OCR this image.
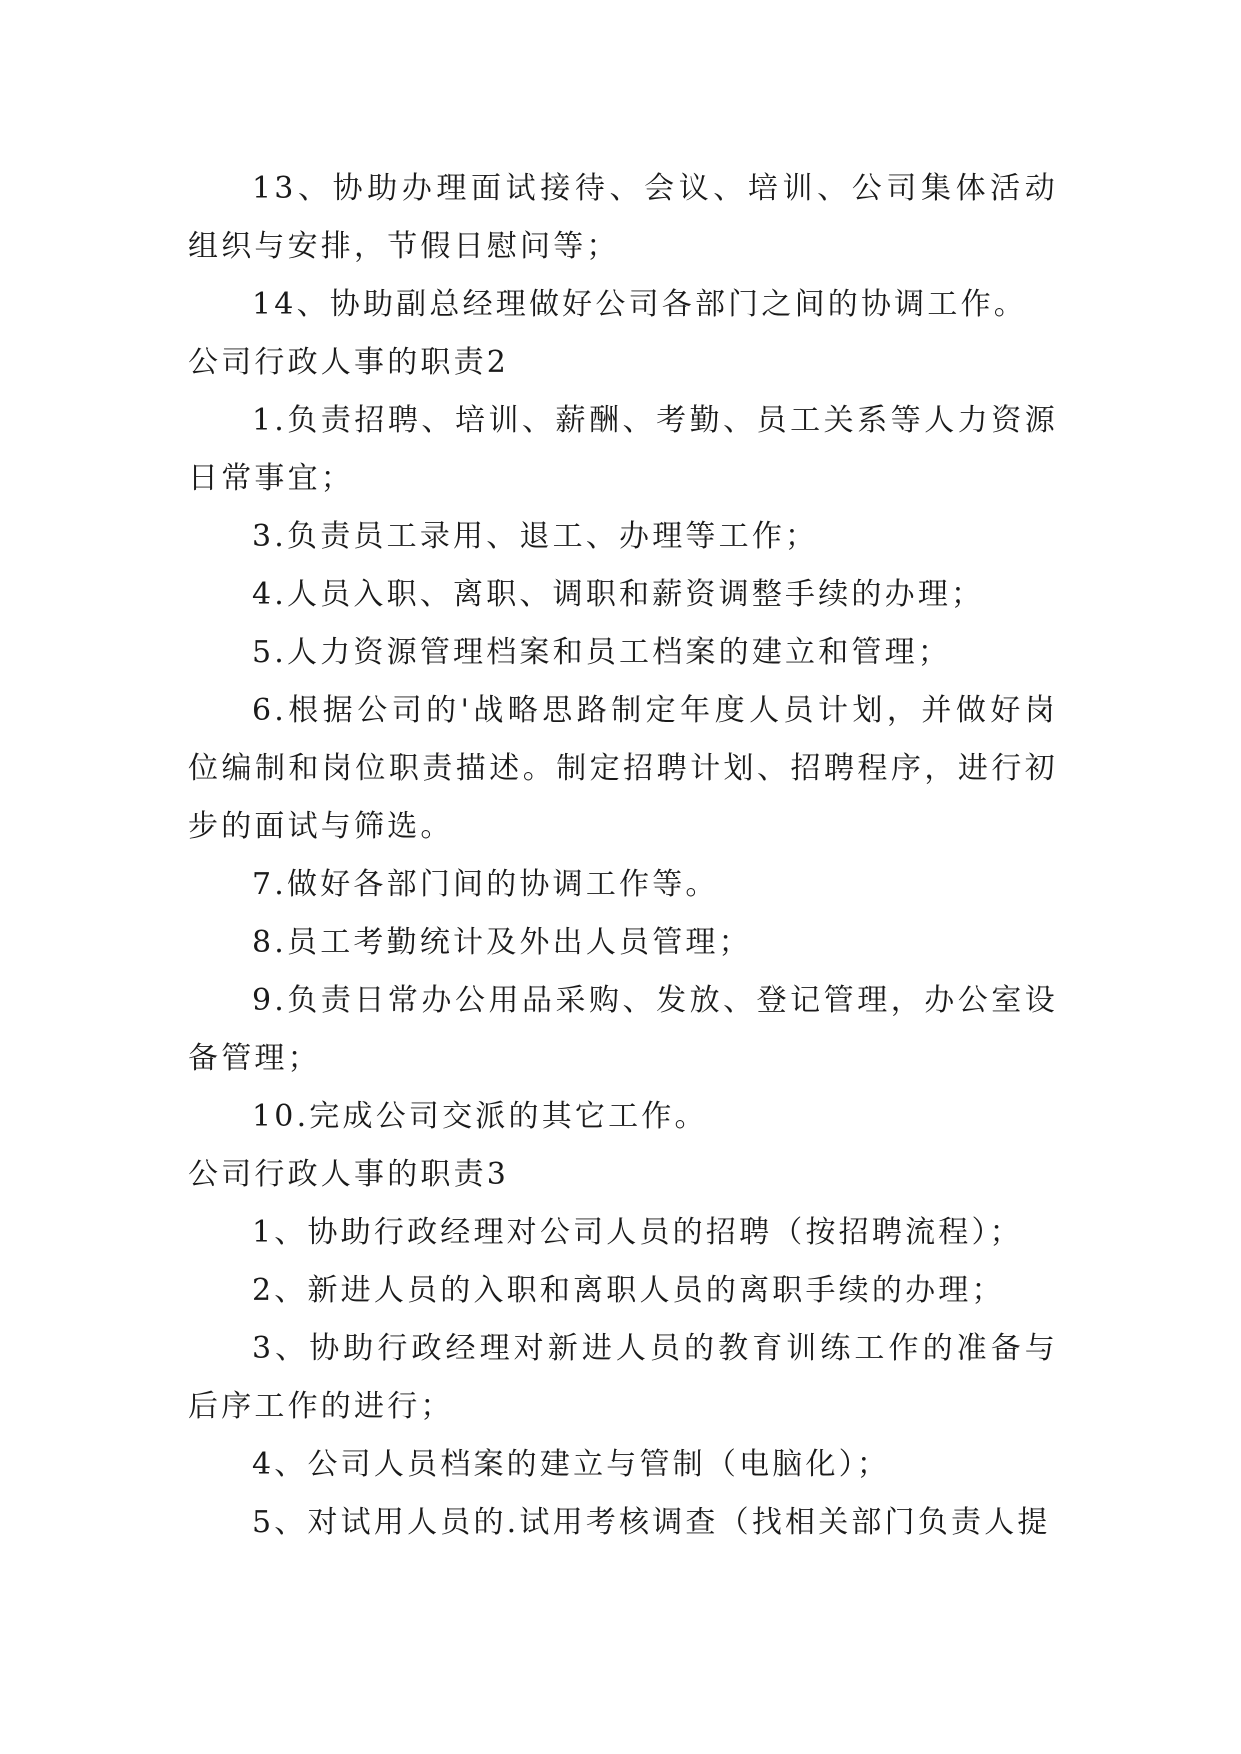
13、协助办理面试接待、会议、培训、公司集体活动组织与安排，节假日慰问等；

14、协助副总经理做好公司各部门之间的协调工作。

公司行政人事的职责2

1.负责招聘、培训、薪酬、考勤、员工关系等人力资源日常事宜；

3.负责员工录用、退工、办理等工作；

4.人员入职、离职、调职和薪资调整手续的办理；

5.人力资源管理档案和员工档案的建立和管理；

6.根据公司的'战略思路制定年度人员计划，并做好岗位编制和岗位职责描述。制定招聘计划、招聘程序，进行初步的面试与筛选。

7.做好各部门间的协调工作等。

8.员工考勤统计及外出人员管理；

9.负责日常办公用品采购、发放、登记管理，办公室设备管理；

10.完成公司交派的其它工作。

公司行政人事的职责3

1、协助行政经理对公司人员的招聘（按招聘流程）；

2、新进人员的入职和离职人员的离职手续的办理；

3、协助行政经理对新进人员的教育训练工作的准备与后序工作的进行；

4、公司人员档案的建立与管制（电脑化）；

5、对试用人员的.试用考核调查（找相关部门负责人提
